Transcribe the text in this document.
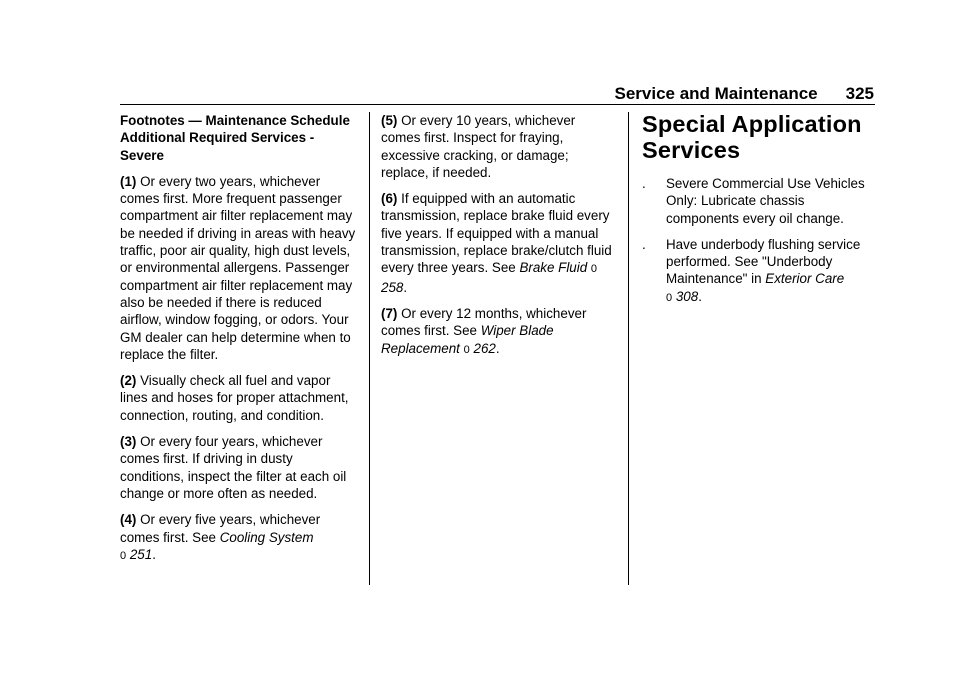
Service and Maintenance 325
Footnotes — Maintenance Schedule Additional Required Services - Severe
(1) Or every two years, whichever comes first. More frequent passenger compartment air filter replacement may be needed if driving in areas with heavy traffic, poor air quality, high dust levels, or environmental allergens. Passenger compartment air filter replacement may also be needed if there is reduced airflow, window fogging, or odors. Your GM dealer can help determine when to replace the filter.
(2) Visually check all fuel and vapor lines and hoses for proper attachment, connection, routing, and condition.
(3) Or every four years, whichever comes first. If driving in dusty conditions, inspect the filter at each oil change or more often as needed.
(4) Or every five years, whichever comes first. See Cooling System
0 251.
(5) Or every 10 years, whichever comes first. Inspect for fraying, excessive cracking, or damage; replace, if needed.
(6) If equipped with an automatic transmission, replace brake fluid every five years. If equipped with a manual transmission, replace brake/clutch fluid every three years. See Brake Fluid 0 258.
(7) Or every 12 months, whichever comes first. See Wiper Blade Replacement 0 262.
Special Application Services
.	Severe Commercial Use Vehicles Only: Lubricate chassis components every oil change.
.	Have underbody flushing service performed. See "Underbody Maintenance" in Exterior Care
0 308.
